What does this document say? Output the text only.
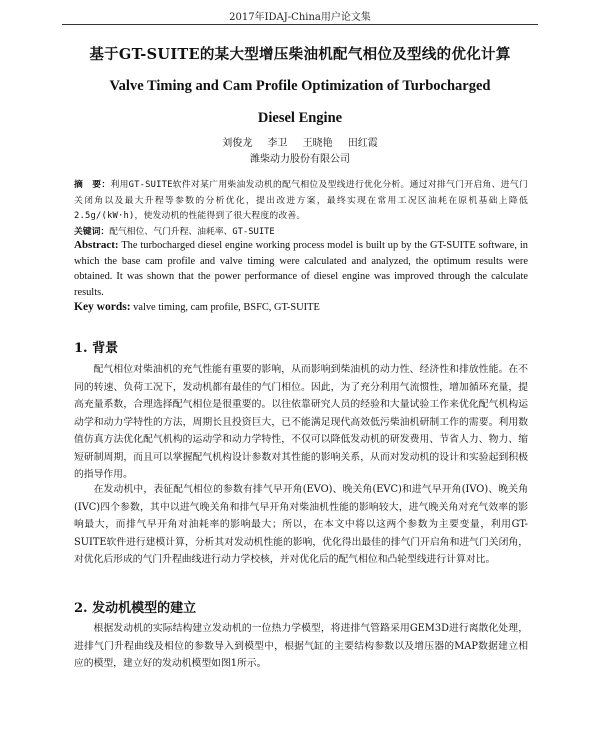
2017年IDAJ-China用户论文集
基于GT-SUITE的某大型增压柴油机配气相位及型线的优化计算
Valve Timing and Cam Profile Optimization of Turbocharged
Diesel Engine
刘俊龙 李卫 王晓艳 田红霞
潍柴动力股份有限公司
摘　要：利用GT-SUITE软件对某广用柴油发动机的配气相位及型线进行优化分析。通过对排气门开启角、进气门关闭角以及最大升程等参数的分析优化，提出改进方案，最终实现在常用工况区油耗在原机基础上降低2.5g/(kW·h)，使发动机的性能得到了很大程度的改善。
关键词：配气相位、气门升程、油耗率、GT-SUITE
Abstract: The turbocharged diesel engine working process model is built up by the GT-SUITE software, in which the base cam profile and valve timing were calculated and analyzed, the optimum results were obtained. It was shown that the power performance of diesel engine was improved through the calculate results.
Key words: valve timing, cam profile, BSFC, GT-SUITE
1. 背景
配气相位对柴油机的充气性能有重要的影响，从而影响到柴油机的动力性、经济性和排放性能。在不同的转速、负荷工况下，发动机都有最佳的气门相位。因此，为了充分利用气流惯性，增加循环充量，提高充量系数，合理选择配气相位是很重要的。以往依靠研究人员的经验和大量试验工作来优化配气机构运动学和动力学特性的方法，周期长且投资巨大，已不能满足现代高效低污柴油机研制工作的需要。利用数值仿真方法优化配气机构的运动学和动力学特性，不仅可以降低发动机的研发费用、节省人力、物力、缩短研制周期，而且可以掌握配气机构设计参数对其性能的影响关系，从而对发动机的设计和实验起到积极的指导作用。
在发动机中，表征配气相位的参数有排气早开角(EVO)、晚关角(EVC)和进气早开角(IVO)、晚关角(IVC)四个参数，其中以进气晚关角和排气早开角对柴油机性能的影响较大，进气晚关角对充气效率的影响最大，而排气早开角对油耗率的影响最大；所以，在本文中将以这两个参数为主要变量，利用GT-SUITE软件进行建模计算，分析其对发动机性能的影响，优化得出最佳的排气门开启角和进气门关闭角，对优化后形成的气门升程曲线进行动力学校核，并对优化后的配气相位和凸轮型线进行计算对比。
2. 发动机模型的建立
根据发动机的实际结构建立发动机的一位热力学模型，将进排气管路采用GEM3D进行离散化处理，进排气门升程曲线及相位的参数导入到模型中，根据气缸的主要结构参数以及增压器的MAP数据建立相应的模型，建立好的发动机模型如图1所示。
